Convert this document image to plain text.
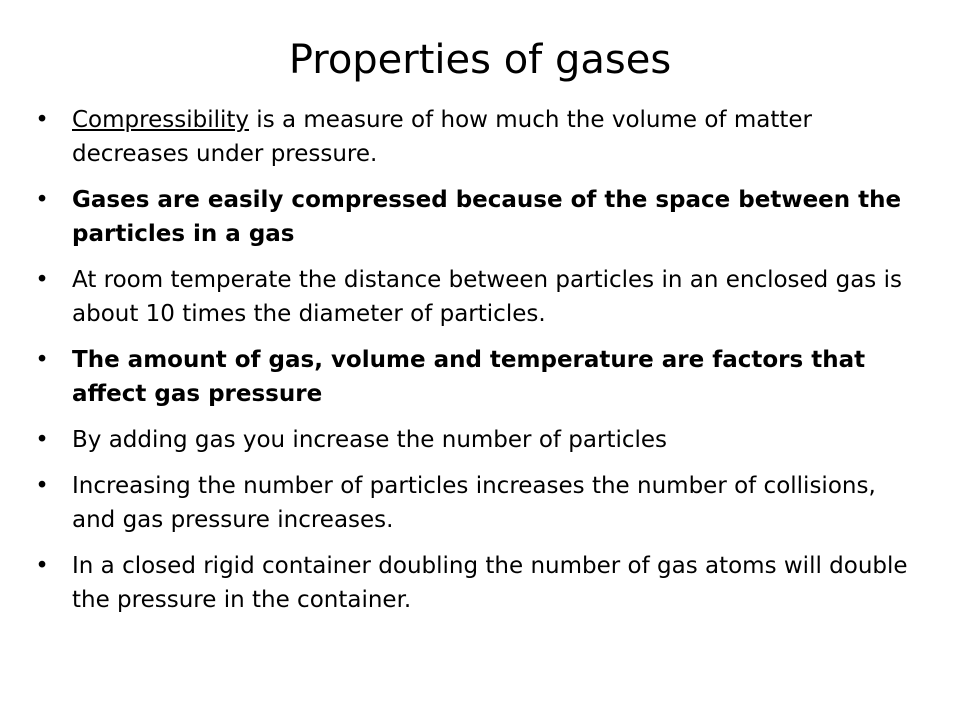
Properties of gases
• Compressibility is a measure of how much the volume of matter decreases under pressure.
• Gases are easily compressed because of the space between the particles in a gas
• At room temperate the distance between particles in an enclosed gas is about 10 times the diameter of particles.
• The amount of gas, volume and temperature are factors that affect gas pressure
• By adding gas you increase the number of particles
• Increasing the number of particles increases the number of collisions, and gas pressure increases.
• In a closed rigid container doubling the number of gas atoms will double the pressure in the container.
